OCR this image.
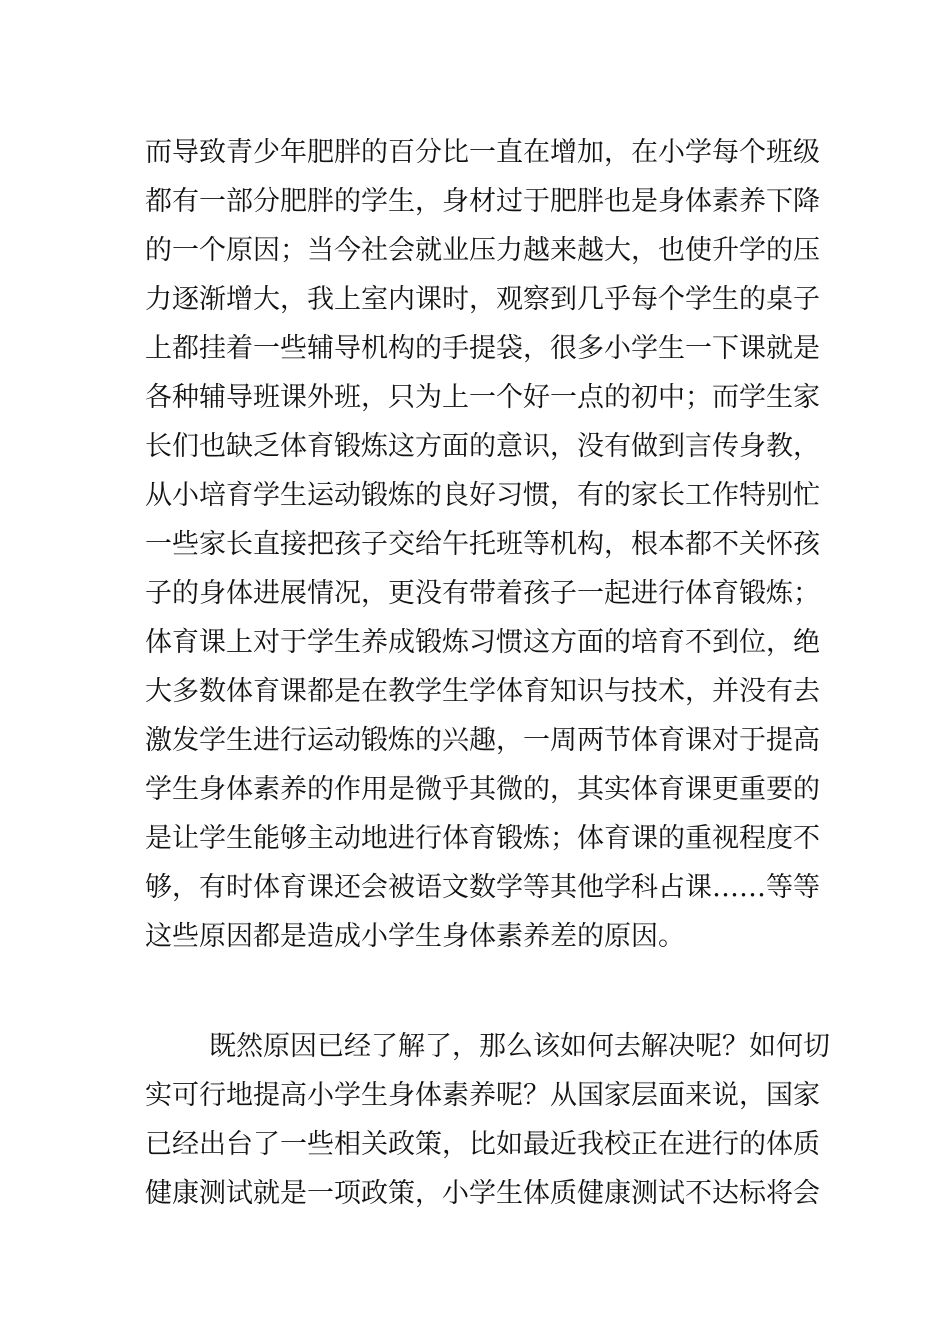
而导致青少年肥胖的百分比一直在增加，在小学每个班级
都有一部分肥胖的学生，身材过于肥胖也是身体素养下降
的一个原因；当今社会就业压力越来越大，也使升学的压
力逐渐增大，我上室内课时，观察到几乎每个学生的桌子
上都挂着一些辅导机构的手提袋，很多小学生一下课就是
各种辅导班课外班，只为上一个好一点的初中；而学生家
长们也缺乏体育锻炼这方面的意识，没有做到言传身教，
从小培育学生运动锻炼的良好习惯，有的家长工作特别忙
一些家长直接把孩子交给午托班等机构，根本都不关怀孩
子的身体进展情况，更没有带着孩子一起进行体育锻炼；
体育课上对于学生养成锻炼习惯这方面的培育不到位，绝
大多数体育课都是在教学生学体育知识与技术，并没有去
激发学生进行运动锻炼的兴趣，一周两节体育课对于提高
学生身体素养的作用是微乎其微的，其实体育课更重要的
是让学生能够主动地进行体育锻炼；体育课的重视程度不
够，有时体育课还会被语文数学等其他学科占课……等等
这些原因都是造成小学生身体素养差的原因。
既然原因已经了解了，那么该如何去解决呢？如何切
实可行地提高小学生身体素养呢？从国家层面来说，国家
已经出台了一些相关政策，比如最近我校正在进行的体质
健康测试就是一项政策，小学生体质健康测试不达标将会
